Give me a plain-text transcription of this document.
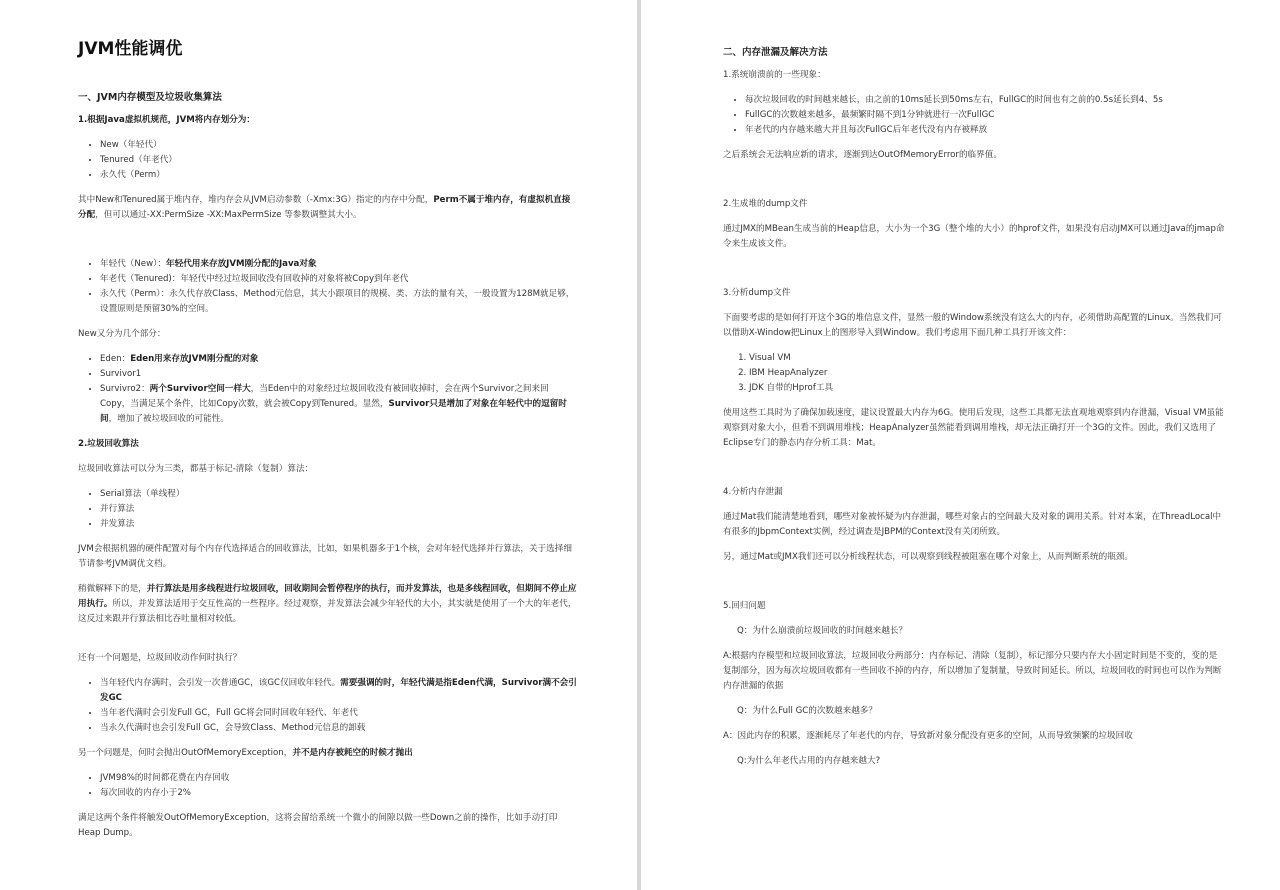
JVM性能调优
一、JVM内存模型及垃圾收集算法
1.根据Java虚拟机规范，JVM将内存划分为：
• New（年轻代）
• Tenured（年老代）
• 永久代（Perm）
其中New和Tenured属于堆内存，堆内存会从JVM启动参数（-Xmx:3G）指定的内存中分配，Perm不属于堆内存，有虚拟机直接分配，但可以通过-XX:PermSize -XX:MaxPermSize 等参数调整其大小。
• 年轻代（New）：年轻代用来存放JVM刚分配的Java对象
• 年老代（Tenured)：年轻代中经过垃圾回收没有回收掉的对象将被Copy到年老代
• 永久代（Perm）：永久代存放Class、Method元信息，其大小跟项目的规模、类、方法的量有关，一般设置为128M就足够，设置原则是预留30%的空间。
New又分为几个部分：
• Eden：Eden用来存放JVM刚分配的对象
• Survivor1
• Survivro2：两个Survivor空间一样大，当Eden中的对象经过垃圾回收没有被回收掉时，会在两个Survivor之间来回Copy，当满足某个条件，比如Copy次数，就会被Copy到Tenured。显然，Survivor只是增加了对象在年轻代中的逗留时间，增加了被垃圾回收的可能性。
2.垃圾回收算法
垃圾回收算法可以分为三类，都基于标记-清除（复制）算法：
• Serial算法（单线程）
• 并行算法
• 并发算法
JVM会根据机器的硬件配置对每个内存代选择适合的回收算法，比如，如果机器多于1个核，会对年轻代选择并行算法，关于选择细节请参考JVM调优文档。
稍微解释下的是，并行算法是用多线程进行垃圾回收，回收期间会暂停程序的执行，而并发算法，也是多线程回收，但期间不停止应用执行。所以，并发算法适用于交互性高的一些程序。经过观察，并发算法会减少年轻代的大小，其实就是使用了一个大的年老代，这反过来跟并行算法相比吞吐量相对较低。
还有一个问题是，垃圾回收动作何时执行？
• 当年轻代内存满时，会引发一次普通GC，该GC仅回收年轻代。需要强调的时，年轻代满是指Eden代满，Survivor满不会引发GC
• 当年老代满时会引发Full GC，Full GC将会同时回收年轻代、年老代
• 当永久代满时也会引发Full GC，会导致Class、Method元信息的卸载
另一个问题是，何时会抛出OutOfMemoryException，并不是内存被耗空的时候才抛出
• JVM98%的时间都花费在内存回收
• 每次回收的内存小于2%
满足这两个条件将触发OutOfMemoryException，这将会留给系统一个微小的间隙以做一些Down之前的操作，比如手动打印Heap Dump。
二、内存泄漏及解决方法
1.系统崩溃前的一些现象：
• 每次垃圾回收的时间越来越长，由之前的10ms延长到50ms左右，FullGC的时间也有之前的0.5s延长到4、5s
• FullGC的次数越来越多，最频繁时隔不到1分钟就进行一次FullGC
• 年老代的内存越来越大并且每次FullGC后年老代没有内存被释放
之后系统会无法响应新的请求，逐渐到达OutOfMemoryError的临界值。
2.生成堆的dump文件
通过JMX的MBean生成当前的Heap信息，大小为一个3G（整个堆的大小）的hprof文件，如果没有启动JMX可以通过Java的jmap命令来生成该文件。
3.分析dump文件
下面要考虑的是如何打开这个3G的堆信息文件，显然一般的Window系统没有这么大的内存，必须借助高配置的Linux。当然我们可以借助X-Window把Linux上的图形导入到Window。我们考虑用下面几种工具打开该文件：
1. Visual VM
2. IBM HeapAnalyzer
3. JDK 自带的Hprof工具
使用这些工具时为了确保加载速度，建议设置最大内存为6G。使用后发现，这些工具都无法直观地观察到内存泄漏，Visual VM虽能观察到对象大小，但看不到调用堆栈；HeapAnalyzer虽然能看到调用堆栈，却无法正确打开一个3G的文件。因此，我们又选用了Eclipse专门的静态内存分析工具：Mat。
4.分析内存泄漏
通过Mat我们能清楚地看到，哪些对象被怀疑为内存泄漏，哪些对象占的空间最大及对象的调用关系。针对本案，在ThreadLocal中有很多的JbpmContext实例，经过调查是JBPM的Context没有关闭所致。
另，通过Mat或JMX我们还可以分析线程状态，可以观察到线程被阻塞在哪个对象上，从而判断系统的瓶颈。
5.回归问题
Q：为什么崩溃前垃圾回收的时间越来越长？
A:根据内存模型和垃圾回收算法，垃圾回收分两部分：内存标记、清除（复制），标记部分只要内存大小固定时间是不变的，变的是复制部分，因为每次垃圾回收都有一些回收不掉的内存，所以增加了复制量，导致时间延长。所以，垃圾回收的时间也可以作为判断内存泄漏的依据
Q：为什么Full GC的次数越来越多？
A：因此内存的积累，逐渐耗尽了年老代的内存，导致新对象分配没有更多的空间，从而导致频繁的垃圾回收
Q:为什么年老代占用的内存越来越大?
